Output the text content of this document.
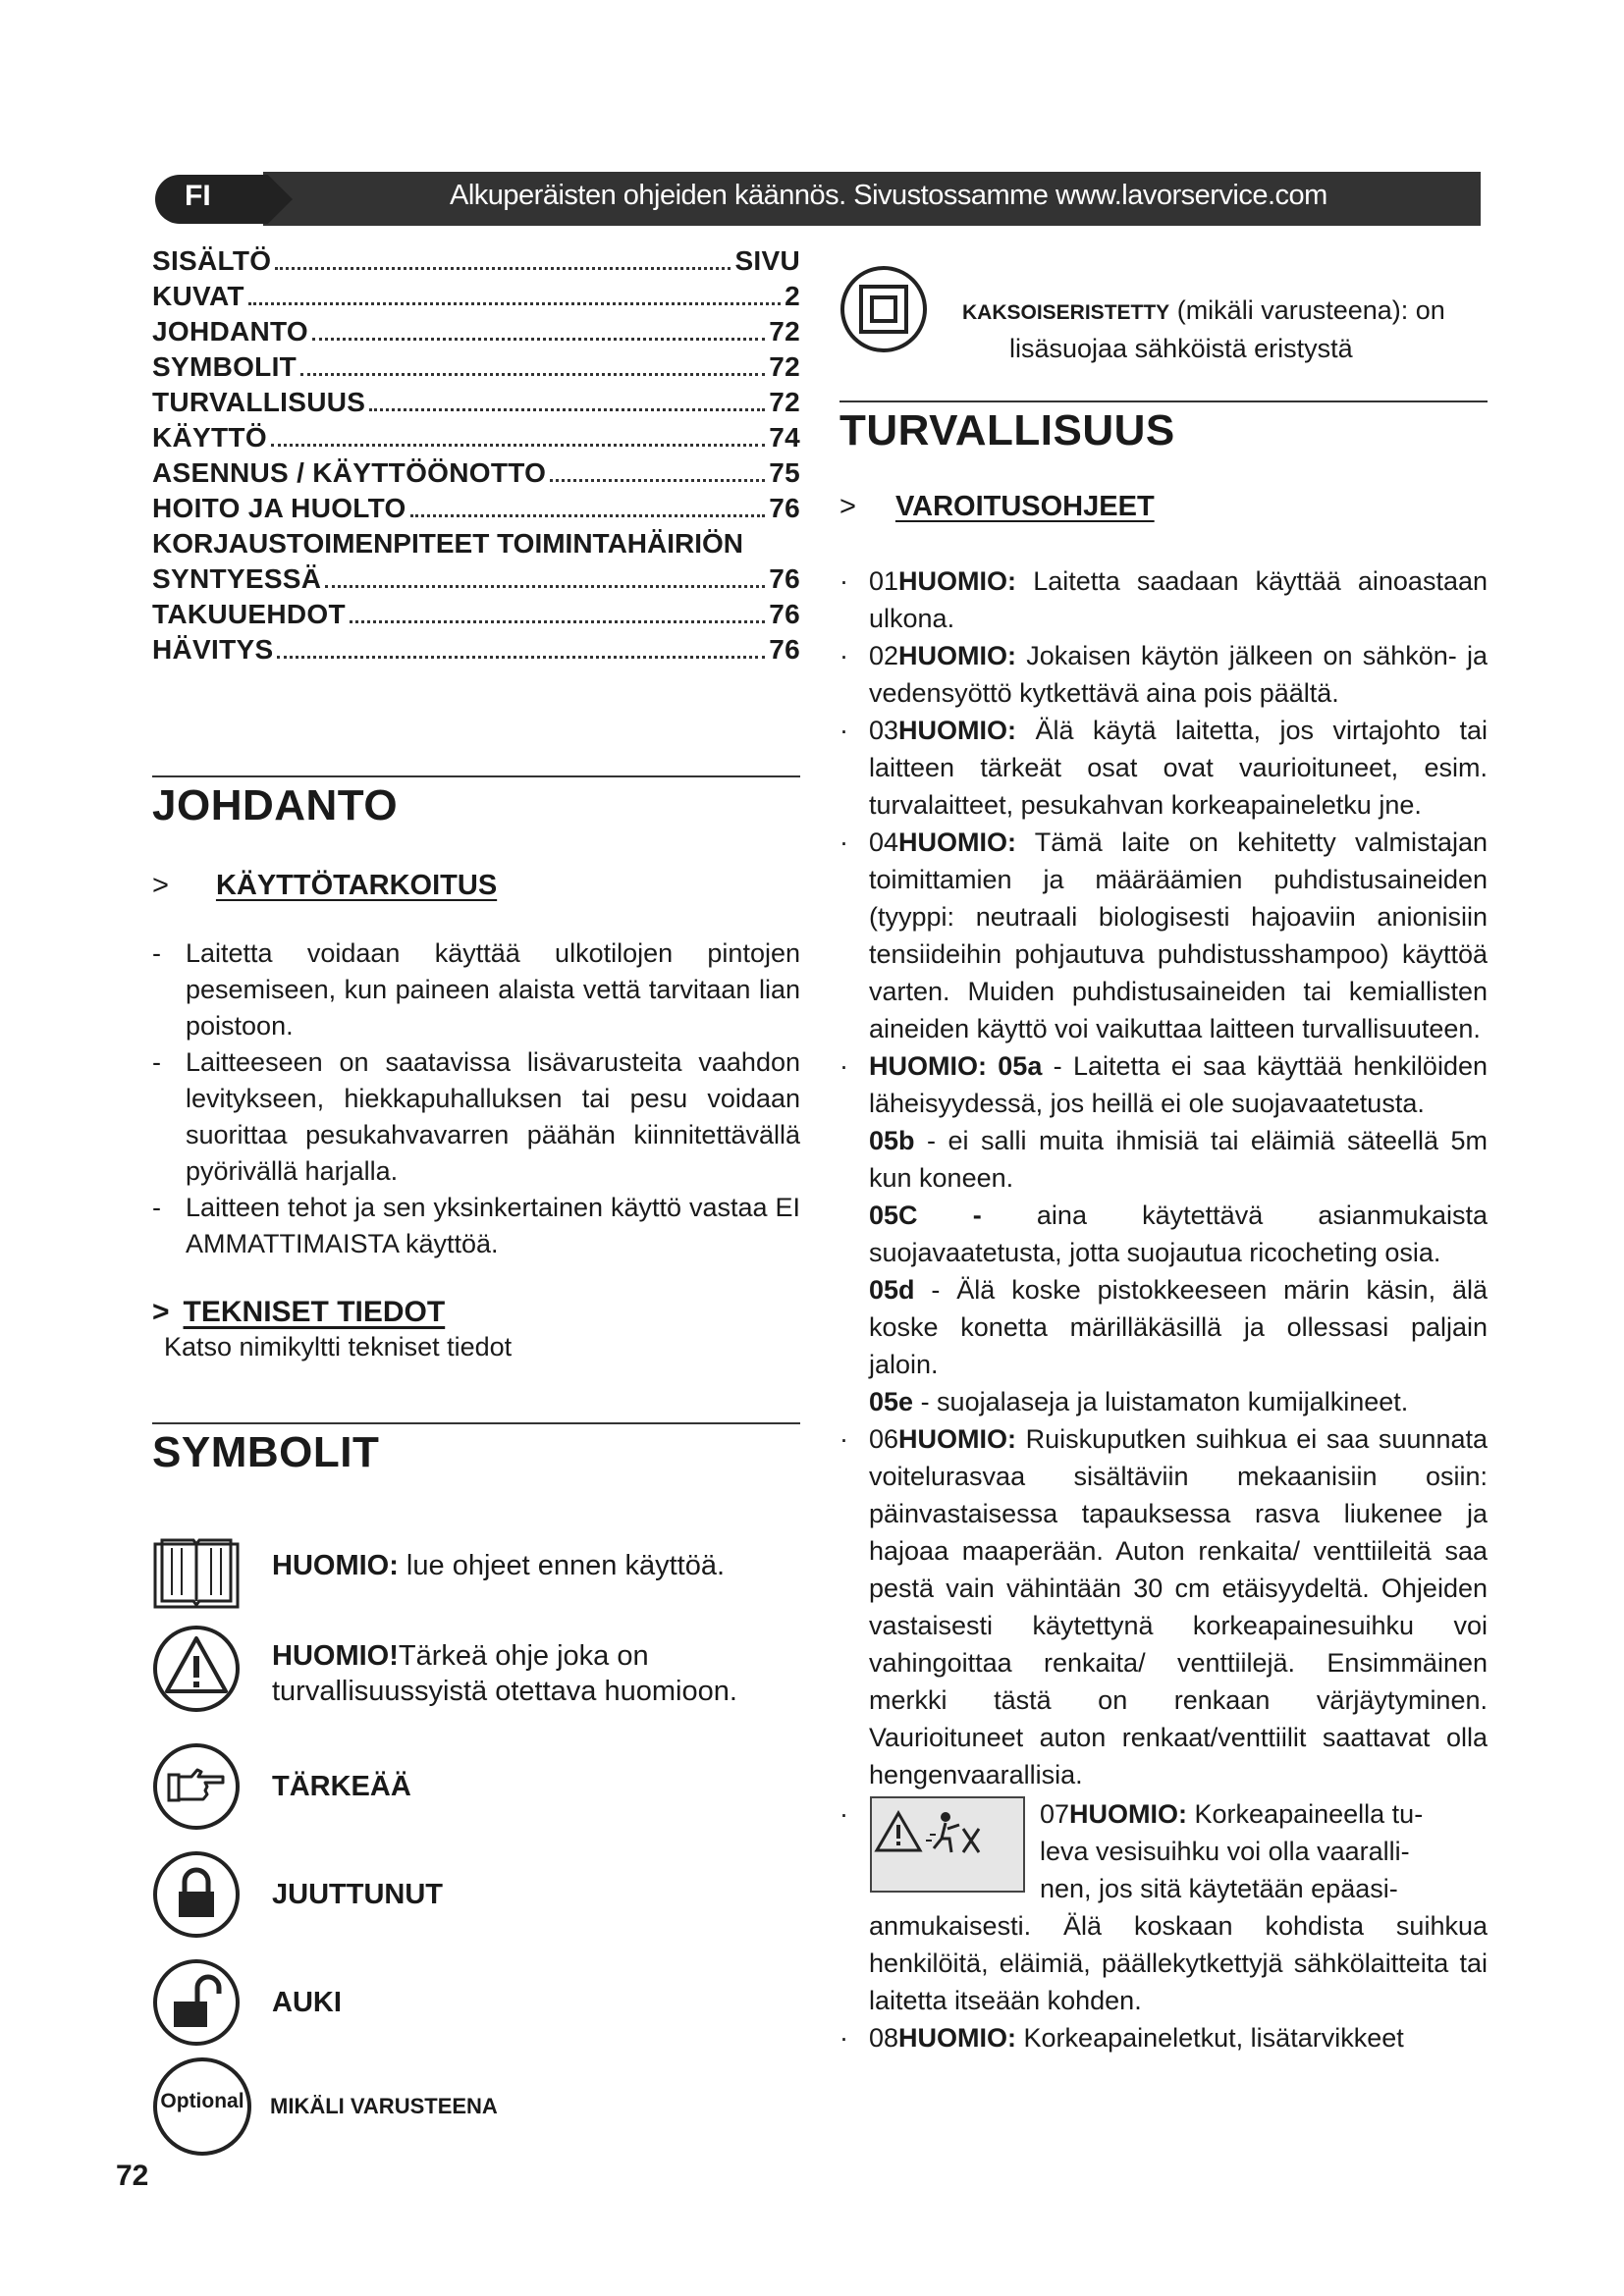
FI	Alkuperäisten ohjeiden käännös. Sivustossamme www.lavorservice.com
SISÄLTÖ	SIVU
KUVAT	2
JOHDANTO	72
SYMBOLIT	72
TURVALLISUUS	72
KÄYTTÖ	74
ASENNUS / KÄYTTÖÖNOTTO	75
HOITO JA HUOLTO	76
KORJAUSTOIMENPITEET TOIMINTAHÄIRIÖN
SYNTYESSÄ	76
TAKUUEHDOT	76
HÄVITYS	76
JOHDANTO
> KÄYTTÖTARKOITUS
- Laitetta voidaan käyttää ulkotilojen pintojen pesemiseen, kun paineen alaista vettä tarvitaan lian poistoon.
- Laitteeseen on saatavissa lisävarusteita vaahdon levitykseen, hiekkapuhalluksen tai pesu voidaan suorittaa pesukahvavarren päähän kiinnitettävällä pyörivällä harjalla.
- Laitteen tehot ja sen yksinkertainen käyttö vastaa EI AMMATTIMAISTA käyttöä.
> TEKNISET TIEDOT
Katso nimikyltti tekniset tiedot
SYMBOLIT
HUOMIO: lue ohjeet ennen käyttöä.
HUOMIO!Tärkeä ohje joka on turvallisuussyistä otettava huomioon.
TÄRKEÄÄ
JUUTTUNUT
AUKI
Optional	MIKÄLI VARUSTEENA
KAKSOISERISTETTY (mikäli varusteena): on
lisäsuojaa sähköistä eristystä
TURVALLISUUS
> VAROITUSOHJEET
· 01HUOMIO: Laitetta saadaan käyttää ainoastaan ulkona.
· 02HUOMIO: Jokaisen käytön jälkeen on sähkön- ja vedensyöttö kytkettävä aina pois päältä.
· 03HUOMIO: Älä käytä laitetta, jos virtajohto tai laitteen tärkeät osat ovat vaurioituneet, esim. turvalaitteet, pesukahvan korkeapaineletku jne.
· 04HUOMIO: Tämä laite on kehitetty valmistajan toimittamien ja määräämien puhdistusaineiden (tyyppi: neutraali biologisesti hajoaviin anionisiin tensiideihin pohjautuva puhdistusshampoo) käyttöä varten. Muiden puhdistusaineiden tai kemiallisten aineiden käyttö voi vaikuttaa laitteen turvallisuuteen.
· HUOMIO: 05a - Laitetta ei saa käyttää henkilöiden läheisyydessä, jos heillä ei ole suojavaatetusta.
05b - ei salli muita ihmisiä tai eläimiä säteellä 5m kun koneen.
05C - aina käytettävä asianmukaista suojavaatetusta, jotta suojautua ricocheting osia.
05d - Älä koske pistokkeeseen märin käsin, älä koske konetta märilläkäsillä ja ollessasi paljain jaloin.
05e - suojalaseja ja luistamaton kumijalkineet.
· 06HUOMIO: Ruiskuputken suihkua ei saa suunnata voitelurasvaa sisältäviin mekaanisiin osiin: päinvastaisessa tapauksessa rasva liukenee ja hajoaa maaperään. Auton renkaita/ venttiileitä saa pestä vain vähintään 30 cm etäisyydeltä. Ohjeiden vastaisesti käytettynä korkeapainesuihku voi vahingoittaa renkaita/ venttiilejä. Ensimmäinen merkki tästä on renkaan värjäytyminen. Vaurioituneet auton renkaat/venttiilit saattavat olla hengenvaarallisia.
·	07HUOMIO: Korkeapaineella tu-
leva vesisuihku voi olla vaaralli-
nen, jos sitä käytetään epäasi-
anmukaisesti. Älä koskaan kohdista suihkua henkilöitä, eläimiä, päällekytkettyjä sähkölaitteita tai laitetta itseään kohden.
· 08HUOMIO: Korkeapaineletkut, lisätarvikkeet
72
